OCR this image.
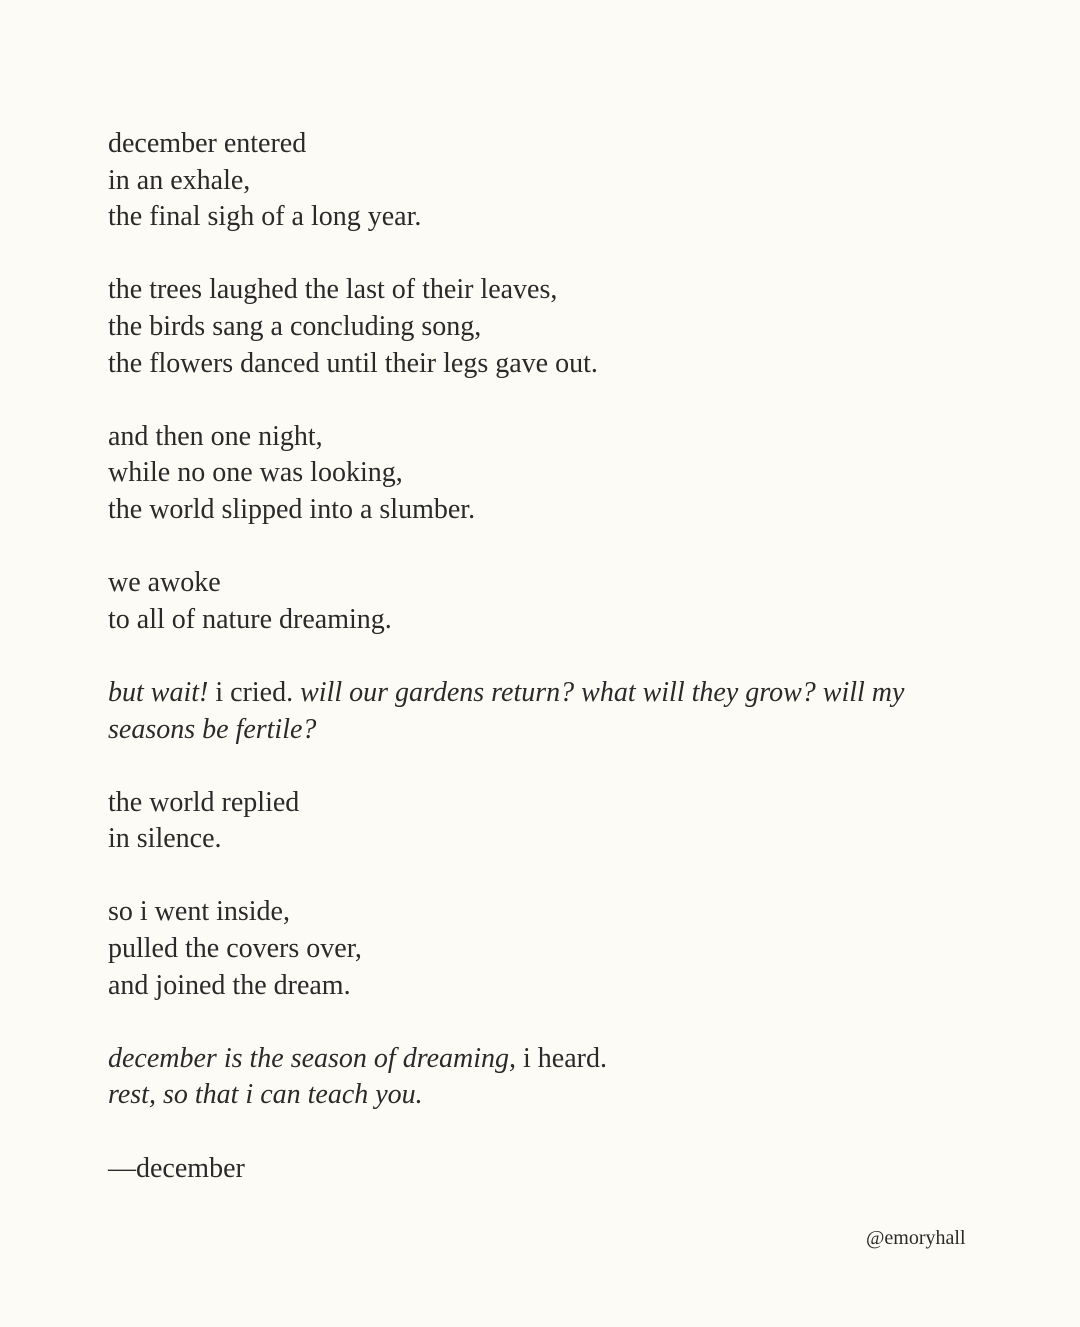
december entered
in an exhale,
the final sigh of a long year.
the trees laughed the last of their leaves,
the birds sang a concluding song,
the flowers danced until their legs gave out.
and then one night,
while no one was looking,
the world slipped into a slumber.
we awoke
to all of nature dreaming.
but wait! i cried. will our gardens return? what will they grow? will my seasons be fertile?
the world replied
in silence.
so i went inside,
pulled the covers over,
and joined the dream.
december is the season of dreaming, i heard.
rest, so that i can teach you.
—december
@emoryhall
